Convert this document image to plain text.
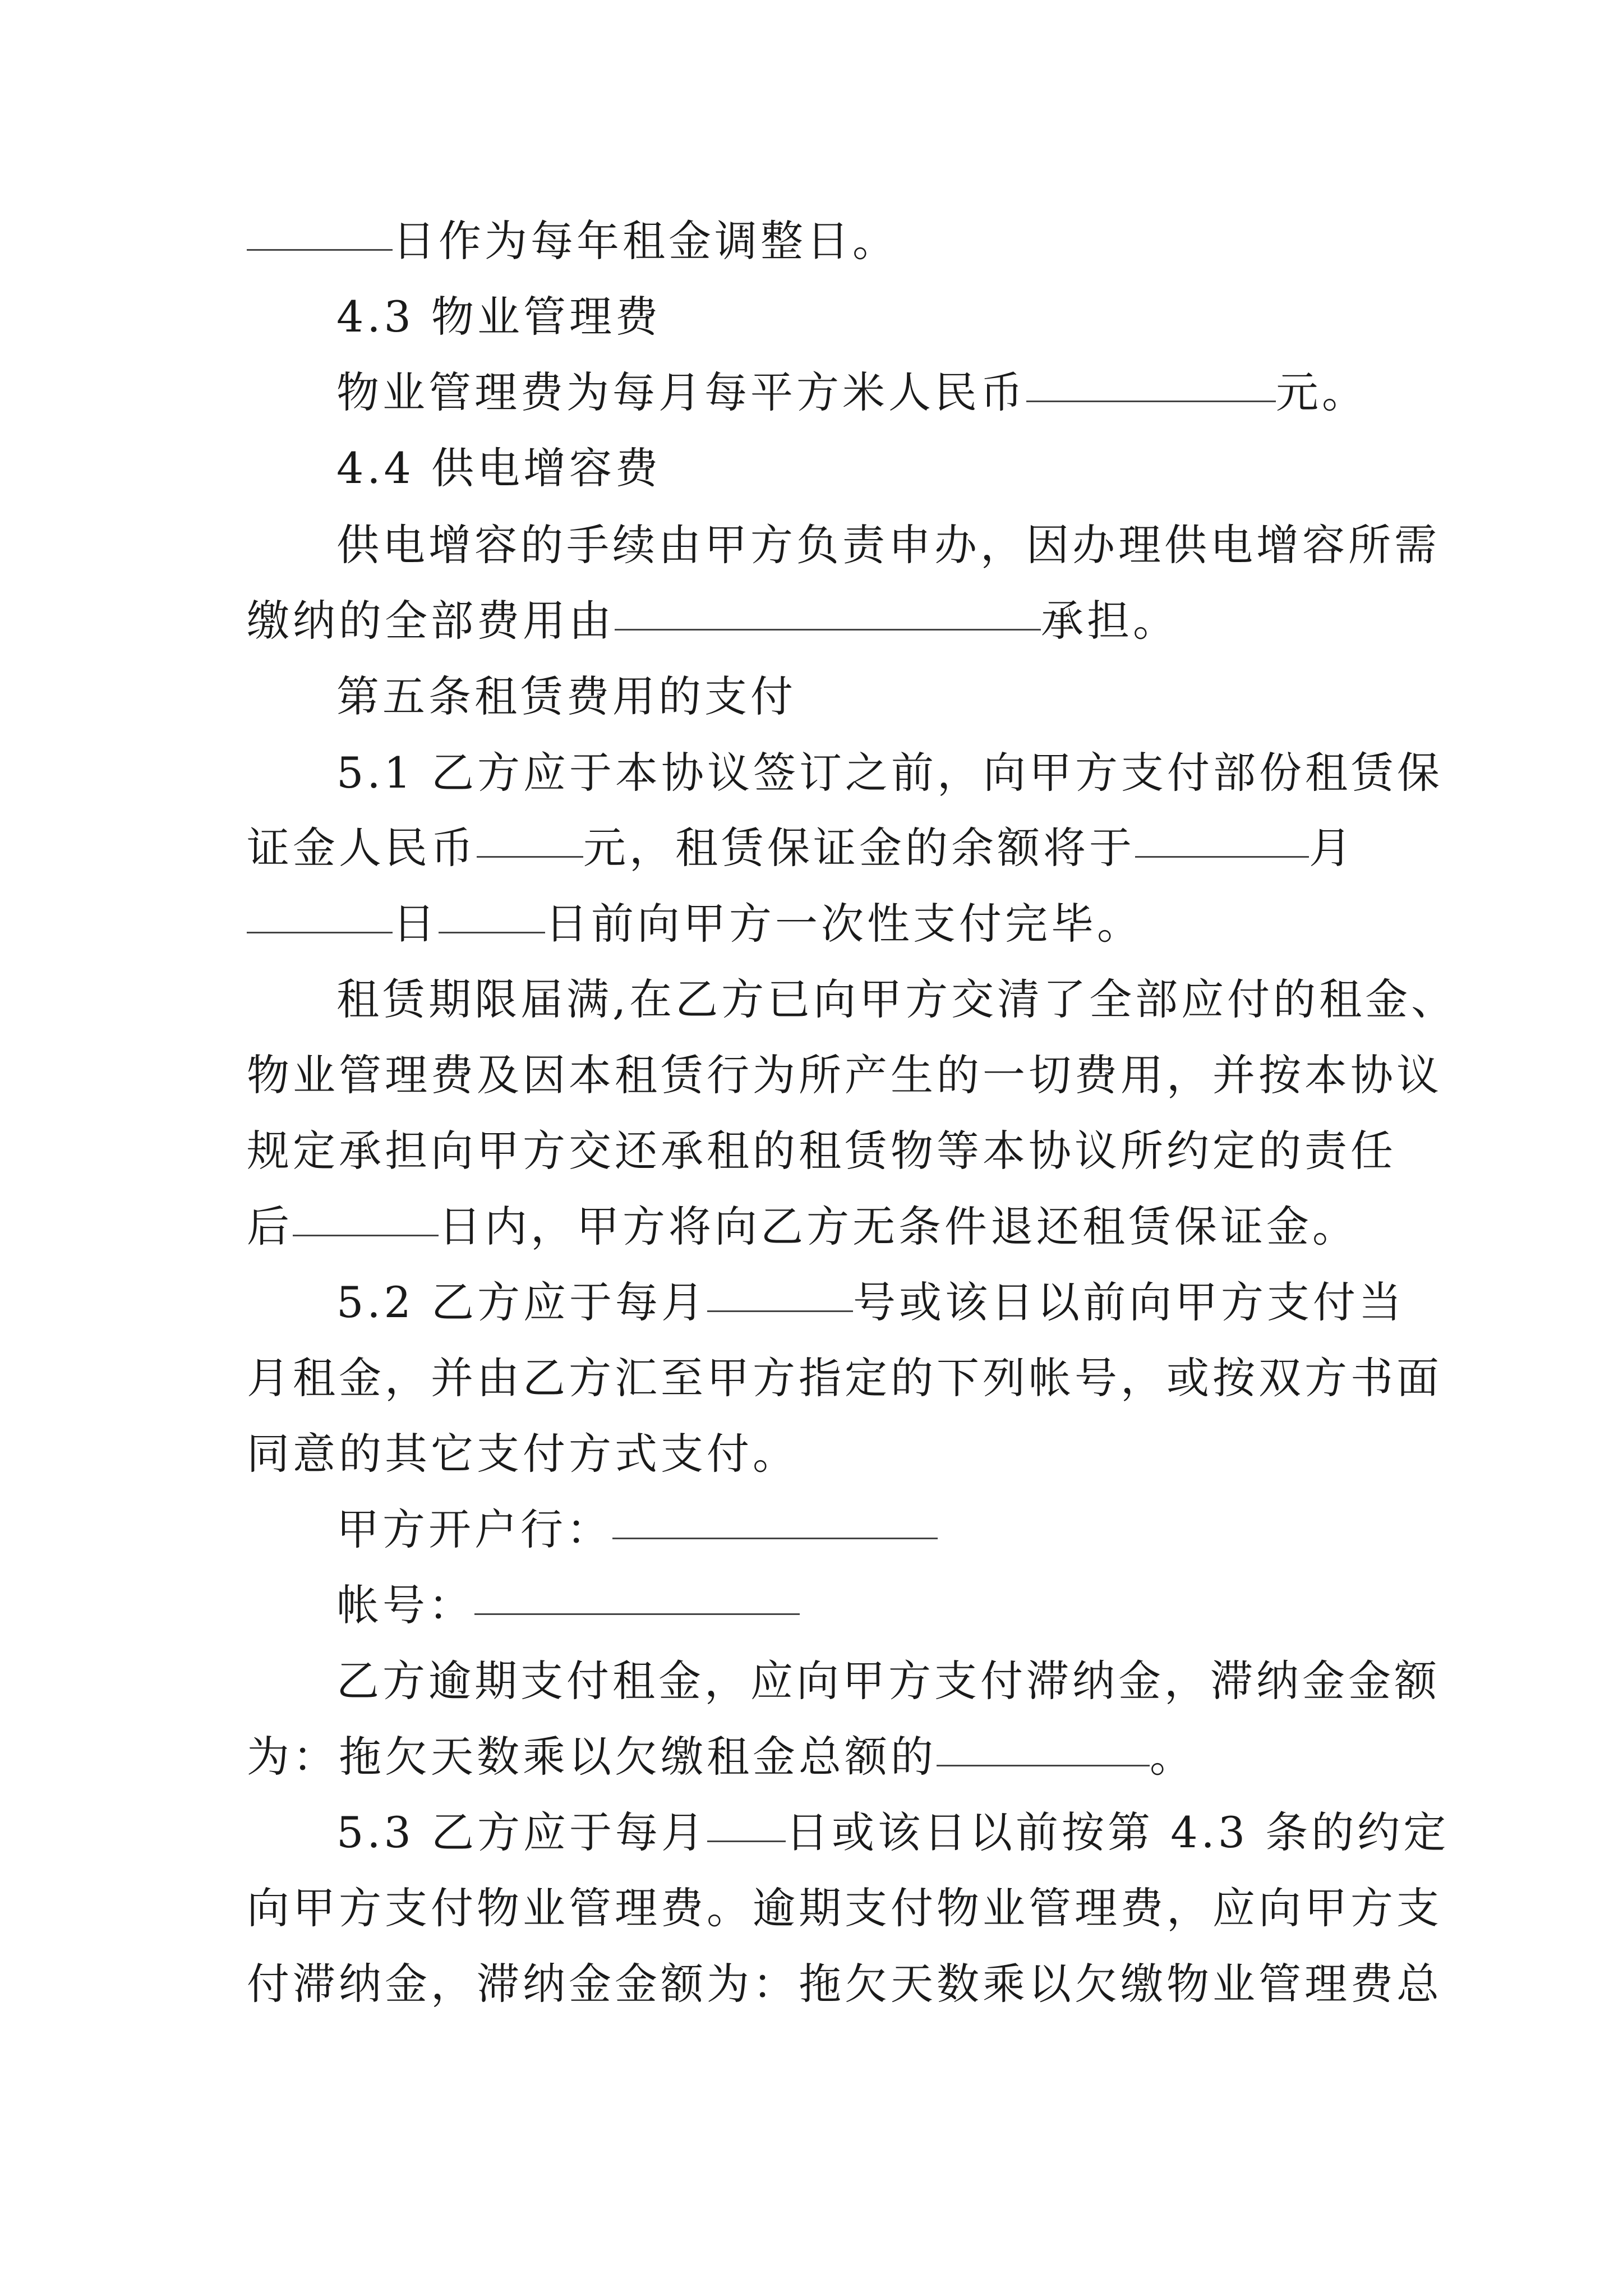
日作为每年租金调整日。
4.3 物业管理费
物业管理费为每月每平方米人民币	元。
4.4 供电增容费
供电增容的手续由甲方负责申办，因办理供电增容所需
缴纳的全部费用由	承担。
第五条租赁费用的支付
5.1 乙方应于本协议签订之前，向甲方支付部份租赁保
证金人民币	元，租赁保证金的余额将于	月
日	日前向甲方一次性支付完毕。
租赁期限届满,在乙方已向甲方交清了全部应付的租金、
物业管理费及因本租赁行为所产生的一切费用，并按本协议
规定承担向甲方交还承租的租赁物等本协议所约定的责任
后	日内，甲方将向乙方无条件退还租赁保证金。
5.2 乙方应于每月	号或该日以前向甲方支付当
月租金，并由乙方汇至甲方指定的下列帐号，或按双方书面
同意的其它支付方式支付。
甲方开户行：
帐号：
乙方逾期支付租金，应向甲方支付滞纳金，滞纳金金额
为：拖欠天数乘以欠缴租金总额的	。
5.3 乙方应于每月 日或该日以前按第 4.3 条的约定
向甲方支付物业管理费。逾期支付物业管理费，应向甲方支
付滞纳金，滞纳金金额为：拖欠天数乘以欠缴物业管理费总
